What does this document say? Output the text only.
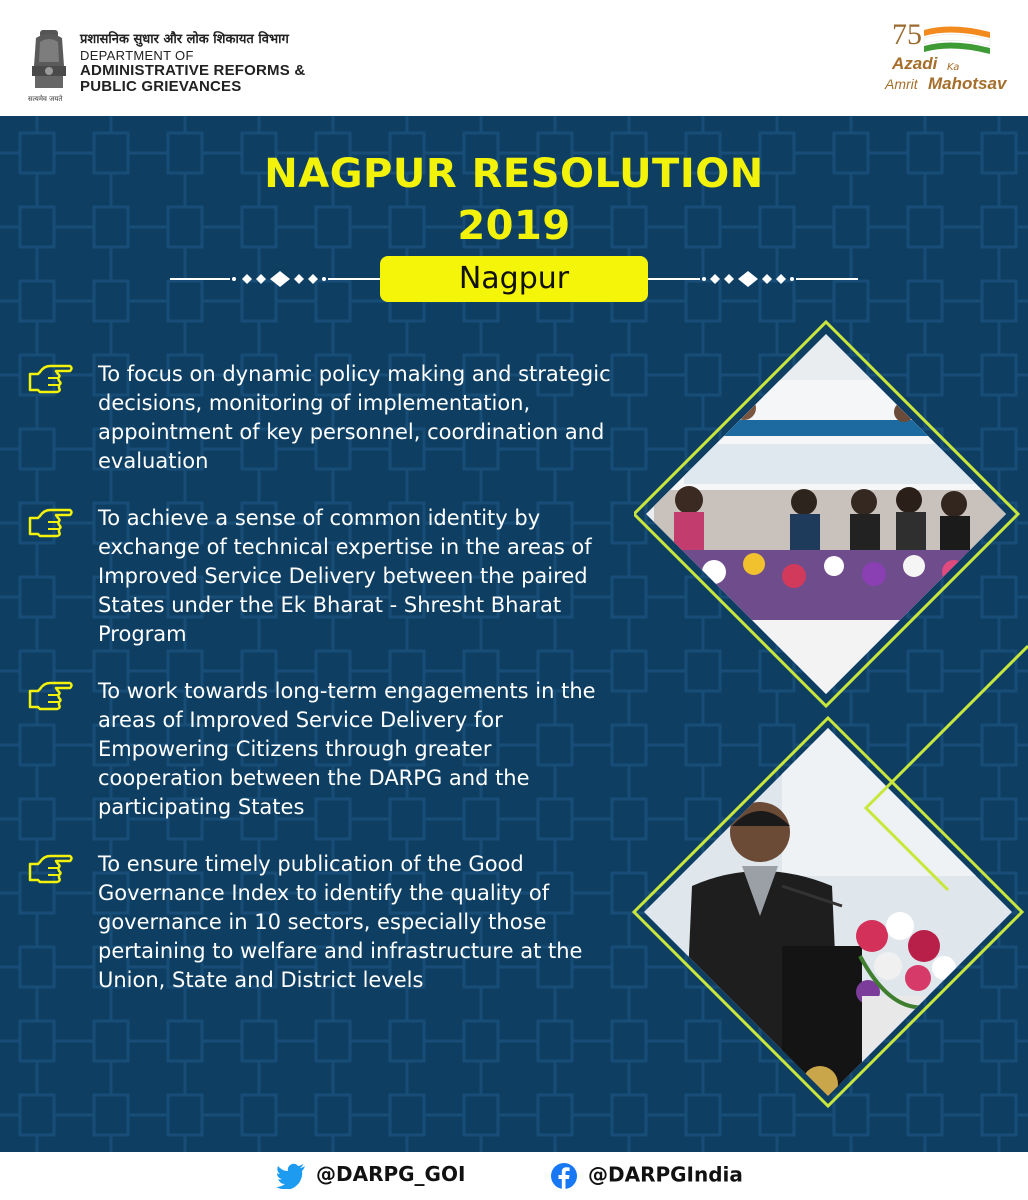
सत्यमेव जयते
प्रशासनिक सुधार और लोक शिकायत विभाग
DEPARTMENT OF
ADMINISTRATIVE REFORMS &
PUBLIC GRIEVANCES
75
Azadi Ka
Amrit Mahotsav
NAGPUR RESOLUTION
2019
Nagpur
To focus on dynamic policy making and strategic decisions, monitoring of implementation, appointment of key personnel, coordination and evaluation
To achieve a sense of common identity by exchange of technical expertise in the areas of Improved Service Delivery between the paired States under the Ek Bharat - Shresht Bharat Program
To work towards long-term engagements in the areas of Improved Service Delivery for Empowering Citizens through greater cooperation between the DARPG and the participating States
To ensure timely publication of the Good Governance Index to identify the quality of governance in 10 sectors, especially those pertaining to welfare and infrastructure at the Union, State and District levels
@DARPG_GOI	@DARPGIndia
